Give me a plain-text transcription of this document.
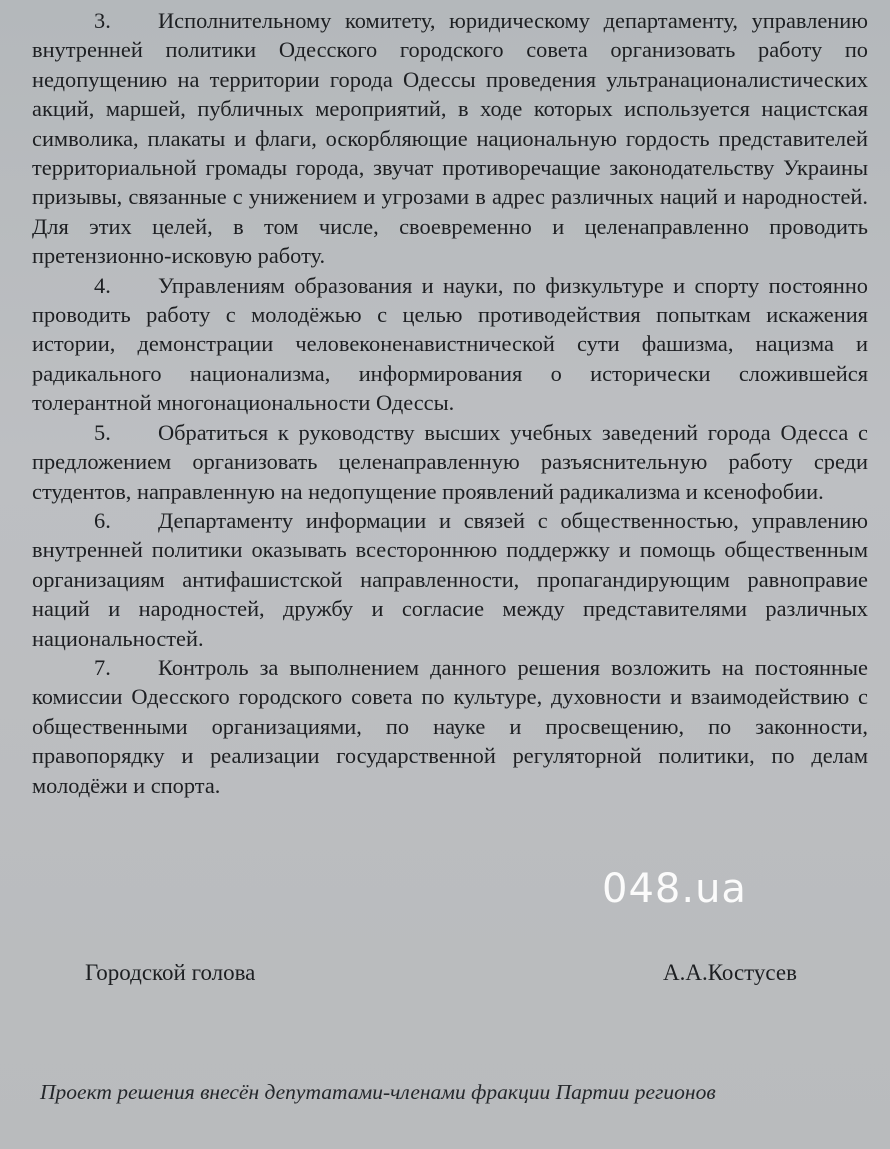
3. Исполнительному комитету, юридическому департаменту, управлению внутренней политики Одесского городского совета организовать работу по недопущению на территории города Одессы проведения ультранационалистических акций, маршей, публичных мероприятий, в ходе которых используется нацистская символика, плакаты и флаги, оскорбляющие национальную гордость представителей территориальной громады города, звучат противоречащие законодательству Украины призывы, связанные с унижением и угрозами в адрес различных наций и народностей. Для этих целей, в том числе, своевременно и целенаправленно проводить претензионно-исковую работу.

4. Управлениям образования и науки, по физкультуре и спорту постоянно проводить работу с молодёжью с целью противодействия попыткам искажения истории, демонстрации человеконенавистнической сути фашизма, нацизма и радикального национализма, информирования о исторически сложившейся толерантной многонациональности Одессы.

5. Обратиться к руководству высших учебных заведений города Одесса с предложением организовать целенаправленную разъяснительную работу среди студентов, направленную на недопущение проявлений радикализма и ксенофобии.

6. Департаменту информации и связей с общественностью, управлению внутренней политики оказывать всестороннюю поддержку и помощь общественным организациям антифашистской направленности, пропагандирующим равноправие наций и народностей, дружбу и согласие между представителями различных национальностей.

7. Контроль за выполнением данного решения возложить на постоянные комиссии Одесского городского совета по культуре, духовности и взаимодействию с общественными организациями, по науке и просвещению, по законности, правопорядку и реализации государственной регуляторной политики, по делам молодёжи и спорта.

048.ua
Городской голова	А.А.Костусев
Проект решения внесён депутатами-членами фракции Партии регионов
